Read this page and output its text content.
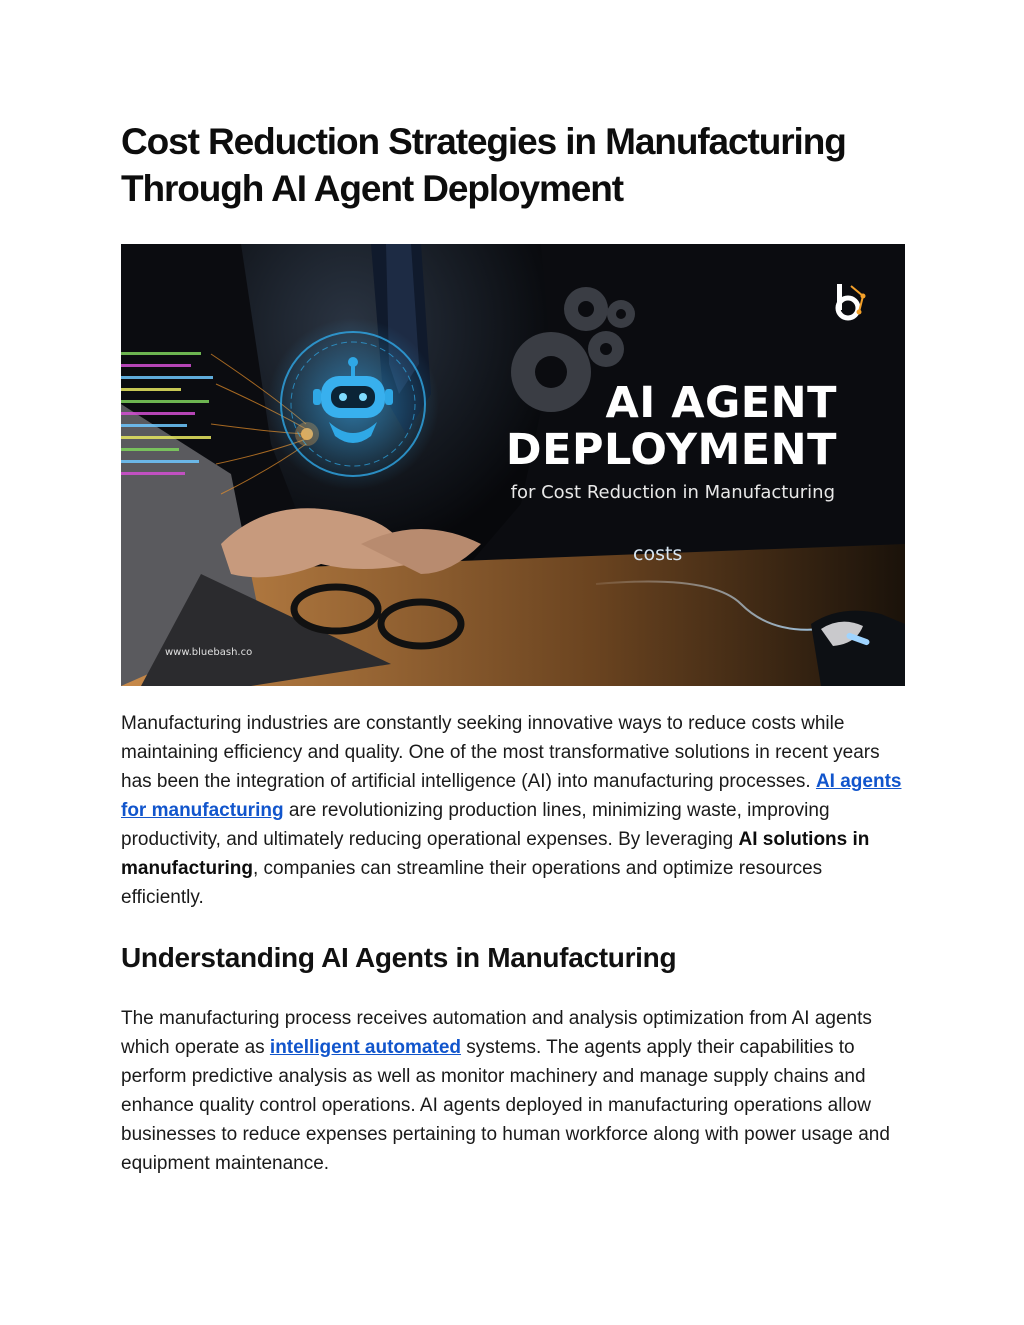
Cost Reduction Strategies in Manufacturing Through AI Agent Deployment
AI AGENT DEPLOYMENT
for Cost Reduction in Manufacturing
costs
www.bluebash.co

Manufacturing industries are constantly seeking innovative ways to reduce costs while maintaining efficiency and quality. One of the most transformative solutions in recent years has been the integration of artificial intelligence (AI) into manufacturing processes. AI agents for manufacturing are revolutionizing production lines, minimizing waste, improving productivity, and ultimately reducing operational expenses. By leveraging AI solutions in manufacturing, companies can streamline their operations and optimize resources efficiently.

Understanding AI Agents in Manufacturing

The manufacturing process receives automation and analysis optimization from AI agents which operate as intelligent automated systems. The agents apply their capabilities to perform predictive analysis as well as monitor machinery and manage supply chains and enhance quality control operations. AI agents deployed in manufacturing operations allow businesses to reduce expenses pertaining to human workforce along with power usage and equipment maintenance.
